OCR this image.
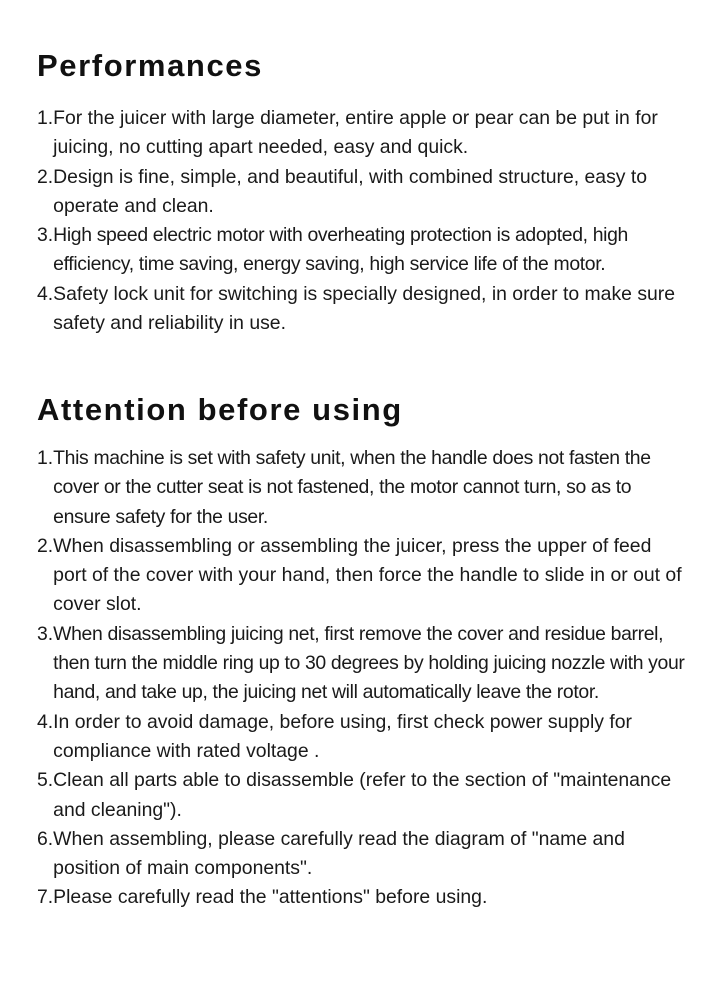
Performances
1. For the juicer with large diameter, entire apple or pear can be put in for juicing, no cutting apart needed, easy and quick.
2. Design is fine, simple, and beautiful, with combined structure, easy to operate and clean.
3. High speed electric motor with overheating protection is adopted, high efficiency, time saving, energy saving, high service life of the motor.
4. Safety lock unit for switching is specially designed, in order to make sure safety and reliability in use.
Attention before using
1. This machine is set with safety unit, when the handle does not fasten the cover or the cutter seat is not fastened, the motor cannot turn, so as to ensure safety for the user.
2. When disassembling or assembling the juicer, press the upper of feed port of the cover with your hand, then force the handle to slide in or out of cover slot.
3. When disassembling juicing net, first remove the cover and residue barrel, then turn the middle ring up to 30 degrees by holding juicing nozzle with your hand, and take up, the juicing net will automatically leave the rotor.
4. In order to avoid damage, before using, first check power supply for compliance with rated voltage .
5. Clean all parts able to disassemble (refer to the section of "maintenance and cleaning").
6. When assembling, please carefully read the diagram of "name and position of main components".
7. Please carefully read the "attentions" before using.
